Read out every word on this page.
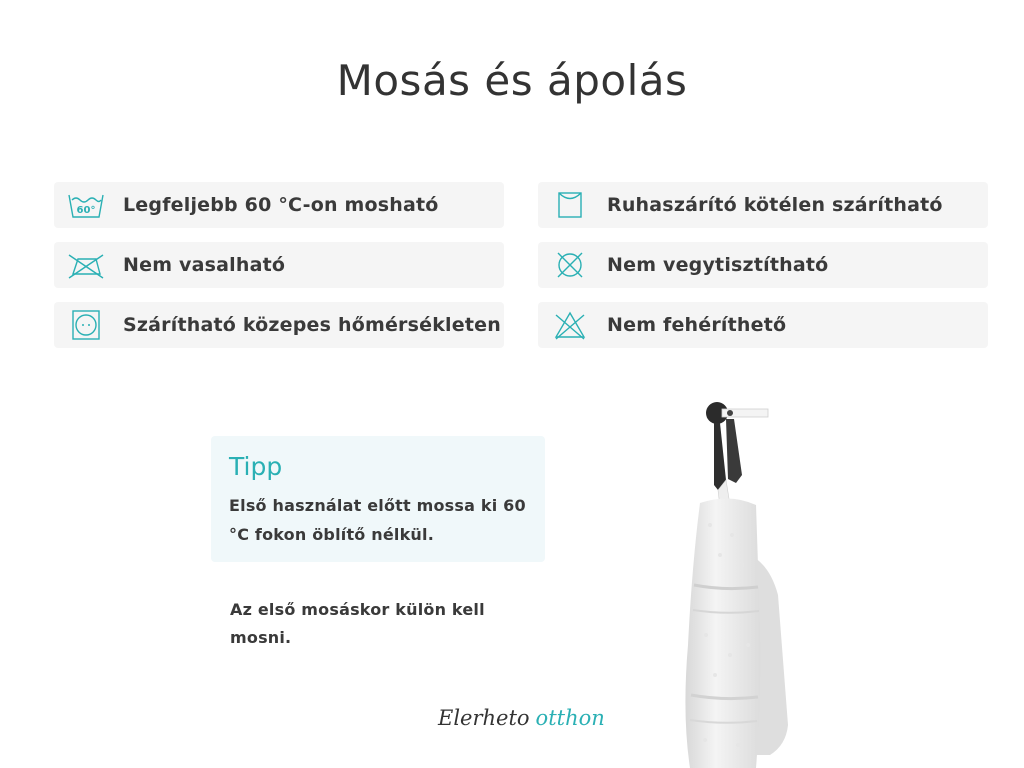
Mosás és ápolás
60° Legfeljebb 60 °C-on mosható	Ruhaszárító kötélen szárítható
Nem vasalható	Nem vegytisztítható
Szárítható közepes hőmérsékleten	Nem fehéríthető
Tipp

Első használat előtt mossa ki 60 °C fokon öblítő nélkül.

Az első mosáskor külön kell mosni.

Elerheto otthon
